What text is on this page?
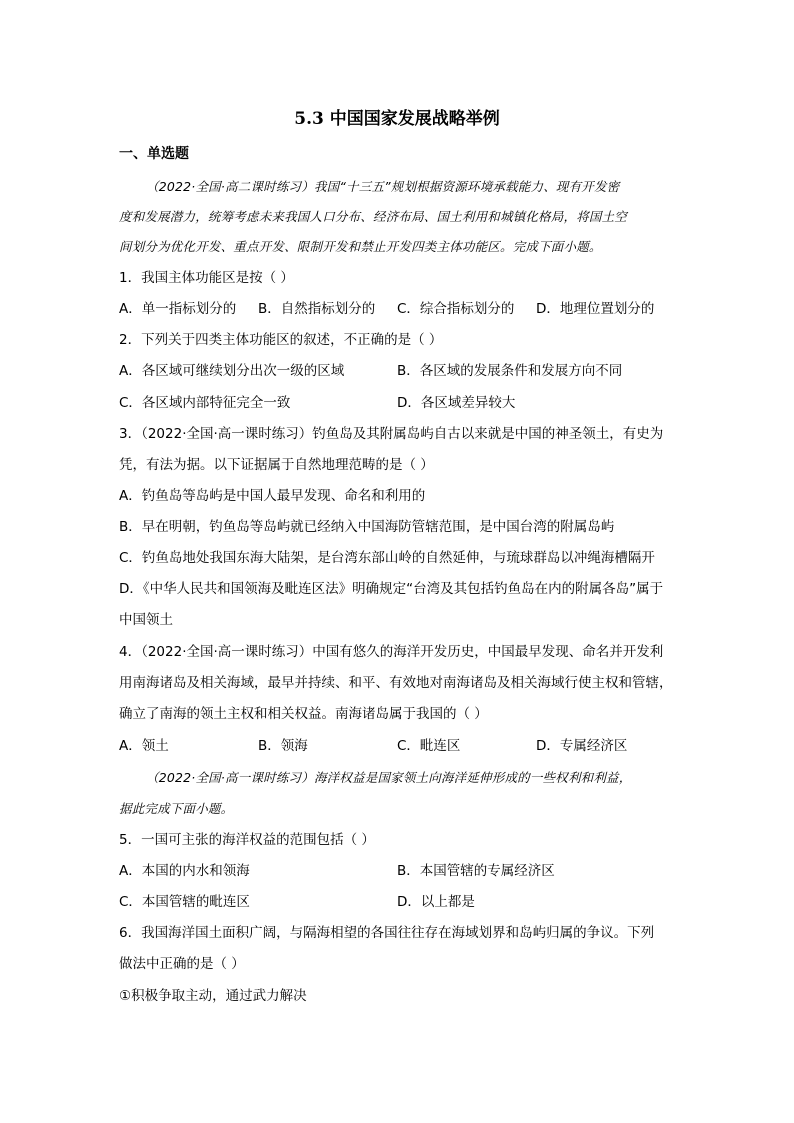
5.3 中国国家发展战略举例
一、单选题
（2022·全国·高二课时练习）我国“十三五”规划根据资源环境承载能力、现有开发密
度和发展潜力，统筹考虑未来我国人口分布、经济布局、国土利用和城镇化格局，将国土空
间划分为优化开发、重点开发、限制开发和禁止开发四类主体功能区。完成下面小题。
1．我国主体功能区是按（ ）
A．单一指标划分的 B．自然指标划分的 C．综合指标划分的 D．地理位置划分的
2．下列关于四类主体功能区的叙述，不正确的是（ ）
A．各区域可继续划分出次一级的区域	B．各区域的发展条件和发展方向不同
C．各区域内部特征完全一致	D．各区域差异较大
3．（2022·全国·高一课时练习）钓鱼岛及其附属岛屿自古以来就是中国的神圣领土，有史为
凭，有法为据。以下证据属于自然地理范畴的是（ ）
A．钓鱼岛等岛屿是中国人最早发现、命名和利用的
B．早在明朝，钓鱼岛等岛屿就已经纳入中国海防管辖范围，是中国台湾的附属岛屿
C．钓鱼岛地处我国东海大陆架，是台湾东部山岭的自然延伸，与琉球群岛以冲绳海槽隔开
D．《中华人民共和国领海及毗连区法》明确规定“台湾及其包括钓鱼岛在内的附属各岛”属于
中国领土
4．（2022·全国·高一课时练习）中国有悠久的海洋开发历史，中国最早发现、命名并开发利
用南海诸岛及相关海域，最早并持续、和平、有效地对南海诸岛及相关海域行使主权和管辖，
确立了南海的领土主权和相关权益。南海诸岛属于我国的（ ）
A．领土	B．领海	C．毗连区	D．专属经济区
（2022·全国·高一课时练习）海洋权益是国家领土向海洋延伸形成的一些权利和利益，
据此完成下面小题。
5．一国可主张的海洋权益的范围包括（ ）
A．本国的内水和领海	B．本国管辖的专属经济区
C．本国管辖的毗连区	D．以上都是
6．我国海洋国土面积广阔，与隔海相望的各国往往存在海域划界和岛屿归属的争议。下列
做法中正确的是（ ）
①积极争取主动，通过武力解决
